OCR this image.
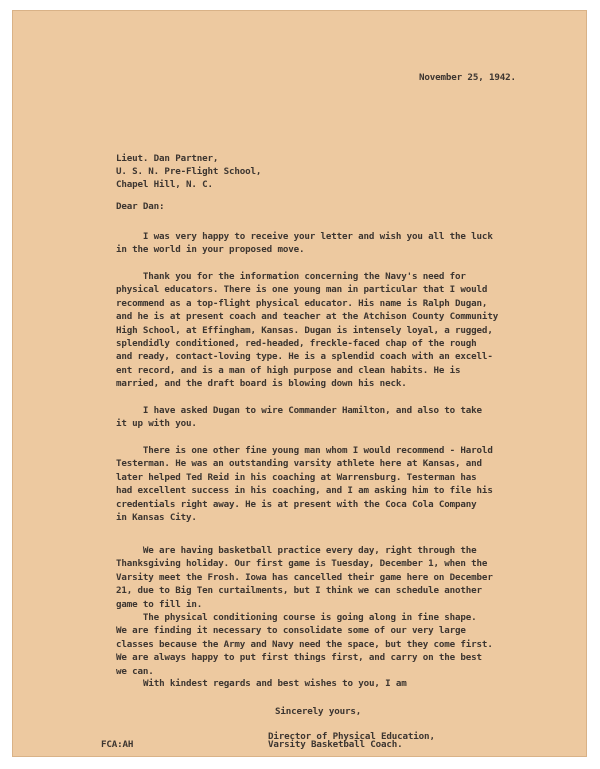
November 25, 1942.
Lieut. Dan Partner,
U. S. N. Pre-Flight School,
Chapel Hill, N. C.
Dear Dan:
I was very happy to receive your letter and wish you all the luck
in the world in your proposed move.
Thank you for the information concerning the Navy's need for
physical educators. There is one young man in particular that I would
recommend as a top-flight physical educator. His name is Ralph Dugan,
and he is at present coach and teacher at the Atchison County Community
High School, at Effingham, Kansas. Dugan is intensely loyal, a rugged,
splendidly conditioned, red-headed, freckle-faced chap of the rough
and ready, contact-loving type. He is a splendid coach with an excell-
ent record, and is a man of high purpose and clean habits. He is
married, and the draft board is blowing down his neck.
I have asked Dugan to wire Commander Hamilton, and also to take
it up with you.
There is one other fine young man whom I would recommend - Harold
Testerman. He was an outstanding varsity athlete here at Kansas, and
later helped Ted Reid in his coaching at Warrensburg. Testerman has
had excellent success in his coaching, and I am asking him to file his
credentials right away. He is at present with the Coca Cola Company
in Kansas City.
We are having basketball practice every day, right through the
Thanksgiving holiday. Our first game is Tuesday, December 1, when the
Varsity meet the Frosh. Iowa has cancelled their game here on December
21, due to Big Ten curtailments, but I think we can schedule another
game to fill in.
The physical conditioning course is going along in fine shape.
We are finding it necessary to consolidate some of our very large
classes because the Army and Navy need the space, but they come first.
We are always happy to put first things first, and carry on the best
we can.
With kindest regards and best wishes to you, I am
Sincerely yours,
Director of Physical Education,
Varsity Basketball Coach.
FCA:AH
